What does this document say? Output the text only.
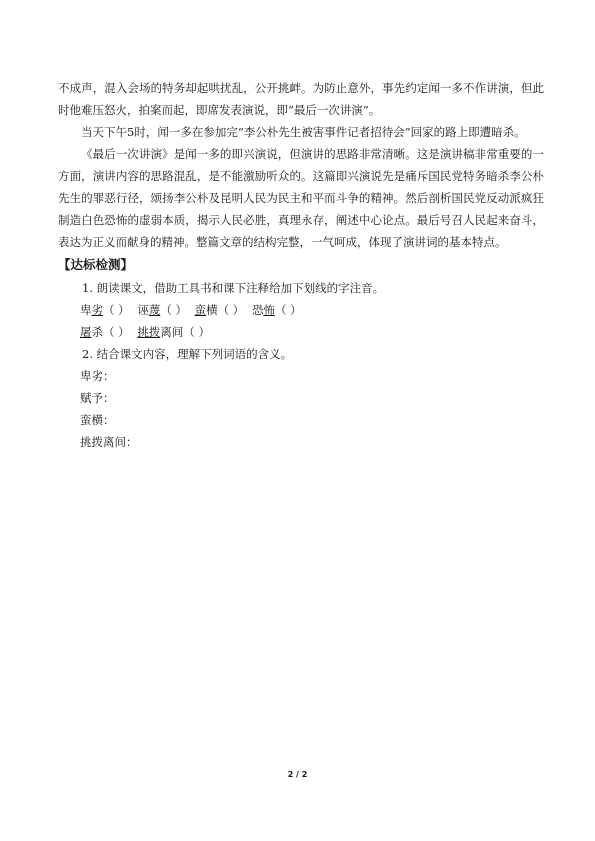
不成声，混入会场的特务却起哄扰乱，公开挑衅。为防止意外，事先约定闻一多不作讲演，但此时他难压怒火，拍案而起，即席发表演说，即“最后一次讲演”。

当天下午5时，闻一多在参加完“李公朴先生被害事件记者招待会”回家的路上即遭暗杀。

《最后一次讲演》是闻一多的即兴演说，但演讲的思路非常清晰。这是演讲稿非常重要的一方面，演讲内容的思路混乱，是不能激励听众的。这篇即兴演说先是痛斥国民党特务暗杀李公朴先生的罪恶行径，颂扬李公朴及昆明人民为民主和平而斗争的精神。然后剖析国民党反动派疯狂制造白色恐怖的虚弱本质，揭示人民必胜，真理永存，阐述中心论点。最后号召人民起来奋斗，表达为正义而献身的精神。整篇文章的结构完整，一气呵成，体现了演讲词的基本特点。

【达标检测】

1. 朗读课文，借助工具书和课下注释给加下划线的字注音。

卑劣（ ） 诬蔑（ ） 蛮横（ ） 恐怖（ ）

屠杀（ ） 挑拨离间（ ）

2. 结合课文内容，理解下列词语的含义。

卑劣：

赋予：

蛮横：

挑拨离间：

2 / 2
